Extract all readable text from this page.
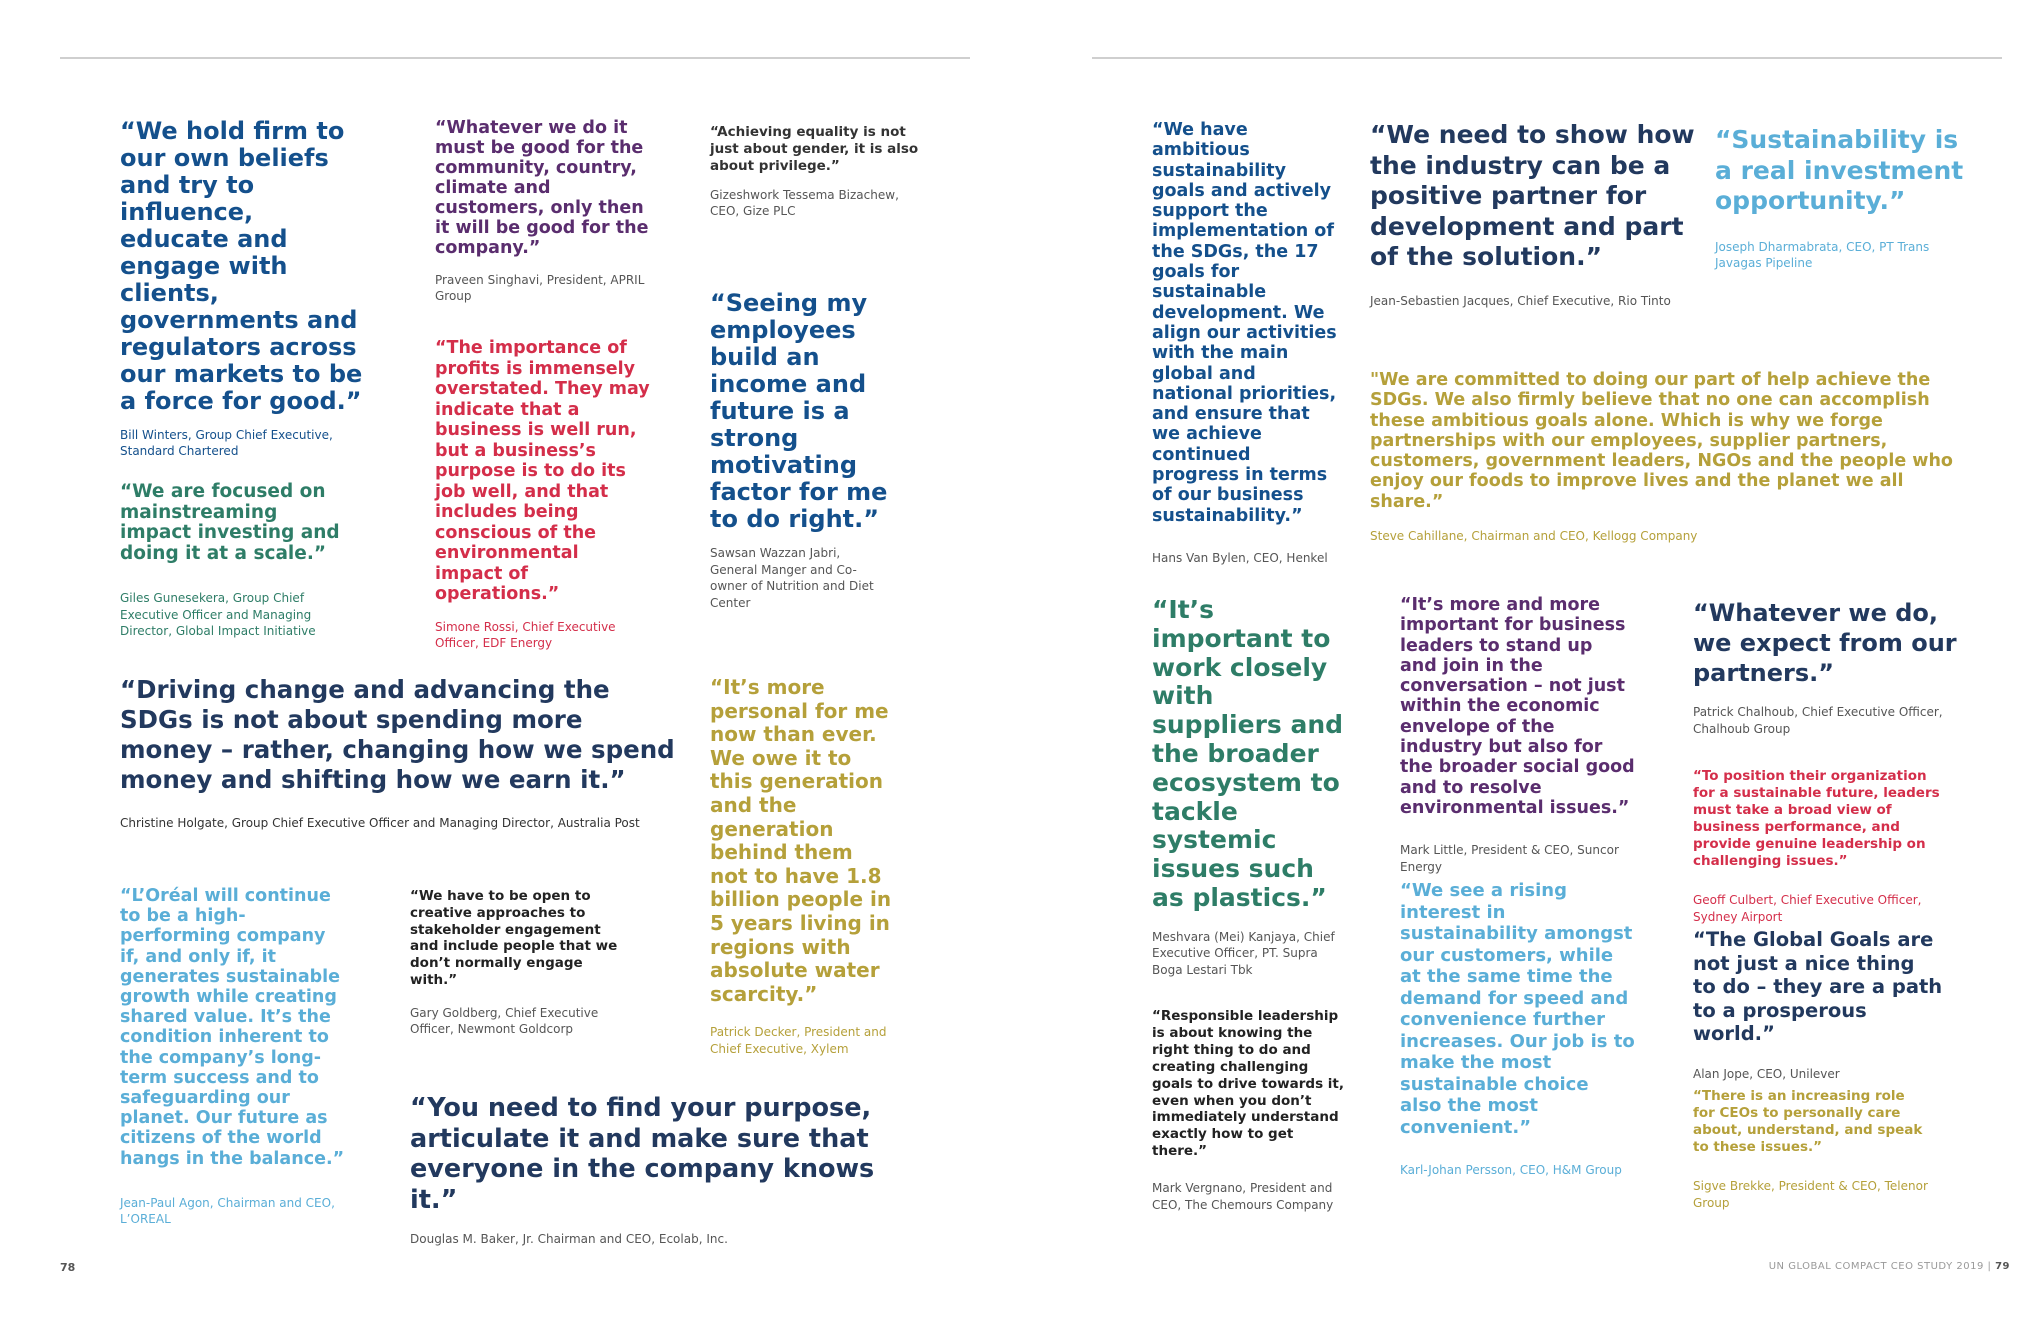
“We hold firm to our own beliefs and try to influence, educate and engage with clients, governments and regulators across our markets to be a force for good.”

Bill Winters, Group Chief Executive, Standard Chartered

“Whatever we do it must be good for the community, country, climate and customers, only then it will be good for the company.”

Praveen Singhavi, President, APRIL Group

“Achieving equality is not just about gender, it is also about privilege.”

Gizeshwork Tessema Bizachew, CEO, Gize PLC

“The importance of profits is immensely overstated. They may indicate that a business is well run, but a business’s purpose is to do its job well, and that includes being conscious of the environmental impact of operations.”

Simone Rossi, Chief Executive Officer, EDF Energy

“Seeing my employees build an income and future is a strong motivating factor for me to do right.”

Sawsan Wazzan Jabri, General Manger and Co-owner of Nutrition and Diet Center

“We are focused on mainstreaming impact investing and doing it at a scale.”

Giles Gunesekera, Group Chief Executive Officer and Managing Director, Global Impact Initiative

“Driving change and advancing the SDGs is not about spending more money – rather, changing how we spend money and shifting how we earn it.”

Christine Holgate, Group Chief Executive Officer and Managing Director, Australia Post

“It’s more personal for me now than ever. We owe it to this generation and the generation behind them not to have 1.8 billion people in 5 years living in regions with absolute water scarcity.”

Patrick Decker, President and Chief Executive, Xylem

“L’Oréal will continue to be a high-performing company if, and only if, it generates sustainable growth while creating shared value. It’s the condition inherent to the company’s long-term success and to safeguarding our planet. Our future as citizens of the world hangs in the balance.”

Jean-Paul Agon, Chairman and CEO, L’OREAL

“We have to be open to creative approaches to stakeholder engagement and include people that we don’t normally engage with.”

Gary Goldberg, Chief Executive Officer, Newmont Goldcorp

“You need to find your purpose, articulate it and make sure that everyone in the company knows it.”

Douglas M. Baker, Jr. Chairman and CEO, Ecolab, Inc.

78

“We have ambitious sustainability goals and actively support the implementation of the SDGs, the 17 goals for sustainable development. We align our activities with the main global and national priorities, and ensure that we achieve continued progress in terms of our business sustainability.”

Hans Van Bylen, CEO, Henkel

“We need to show how the industry can be a positive partner for development and part of the solution.”

Jean-Sebastien Jacques, Chief Executive, Rio Tinto

“Sustainability is a real investment opportunity.”

Joseph Dharmabrata, CEO, PT Trans Javagas Pipeline

"We are committed to doing our part of help achieve the SDGs. We also firmly believe that no one can accomplish these ambitious goals alone. Which is why we forge partnerships with our employees, supplier partners, customers, government leaders, NGOs and the people who enjoy our foods to improve lives and the planet we all share.”

Steve Cahillane, Chairman and CEO, Kellogg Company

“It’s important to work closely with suppliers and the broader ecosystem to tackle systemic issues such as plastics.”

Meshvara (Mei) Kanjaya, Chief Executive Officer, PT. Supra Boga Lestari Tbk

“It’s more and more important for business leaders to stand up and join in the conversation – not just within the economic envelope of the industry but also for the broader social good and to resolve environmental issues.”

Mark Little, President & CEO, Suncor Energy

“Whatever we do, we expect from our partners.”

Patrick Chalhoub, Chief Executive Officer, Chalhoub Group

“To position their organization for a sustainable future, leaders must take a broad view of business performance, and provide genuine leadership on challenging issues.”

Geoff Culbert, Chief Executive Officer, Sydney Airport

“We see a rising interest in sustainability amongst our customers, while at the same time the demand for speed and convenience further increases. Our job is to make the most sustainable choice also the most convenient.”

Karl-Johan Persson, CEO, H&M Group

“Responsible leadership is about knowing the right thing to do and creating challenging goals to drive towards it, even when you don’t immediately understand exactly how to get there.”

Mark Vergnano, President and CEO, The Chemours Company

“The Global Goals are not just a nice thing to do – they are a path to a prosperous world.”

Alan Jope, CEO, Unilever

“There is an increasing role for CEOs to personally care about, understand, and speak to these issues.”

Sigve Brekke, President & CEO, Telenor Group

UN GLOBAL COMPACT CEO STUDY 2019 | 79
